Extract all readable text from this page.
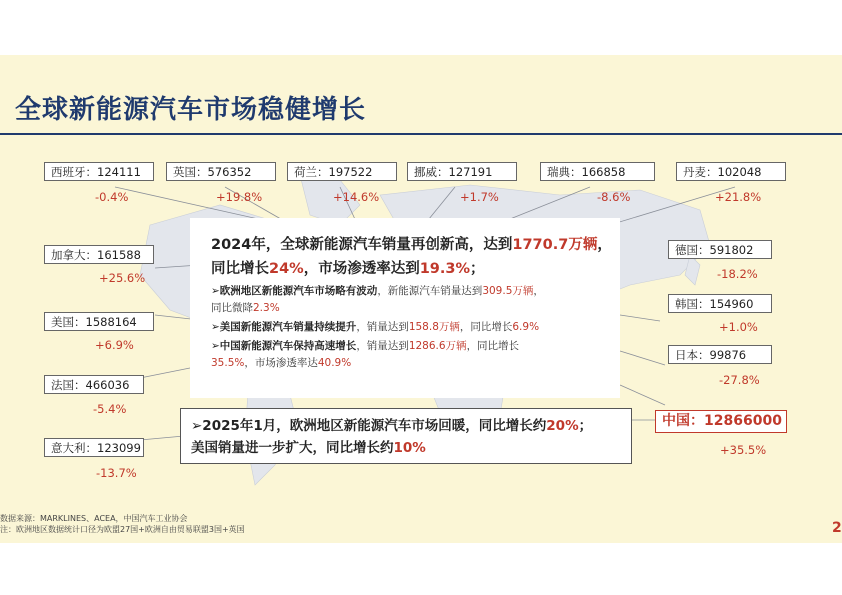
全球新能源汽车市场稳健增长
西班牙：124111
-0.4%
英国：576352
+19.8%
荷兰：197522
+14.6%
挪威：127191
+1.7%
瑞典：166858
-8.6%
丹麦：102048
+21.8%
加拿大：161588
+25.6%
美国：1588164
+6.9%
法国：466036
-5.4%
意大利：123099
-13.7%
德国：591802
-18.2%
韩国：154960
+1.0%
日本：99876
-27.8%
中国：12866000
+35.5%
2024年，全球新能源汽车销量再创新高，达到1770.7万辆，
同比增长24%，市场渗透率达到19.3%；
➢欧洲地区新能源汽车市场略有波动，新能源汽车销量达到309.5万辆，
同比微降2.3%
➢美国新能源汽车销量持续提升，销量达到158.8万辆，同比增长6.9%
➢中国新能源汽车保持高速增长，销量达到1286.6万辆，同比增长
35.5%，市场渗透率达40.9%
➢2025年1月，欧洲地区新能源汽车市场回暖，同比增长约20%；
美国销量进一步扩大，同比增长约10%
数据来源：MARKLINES、ACEA，中国汽车工业协会
注：欧洲地区数据统计口径为欧盟27国+欧洲自由贸易联盟3国+英国	2
